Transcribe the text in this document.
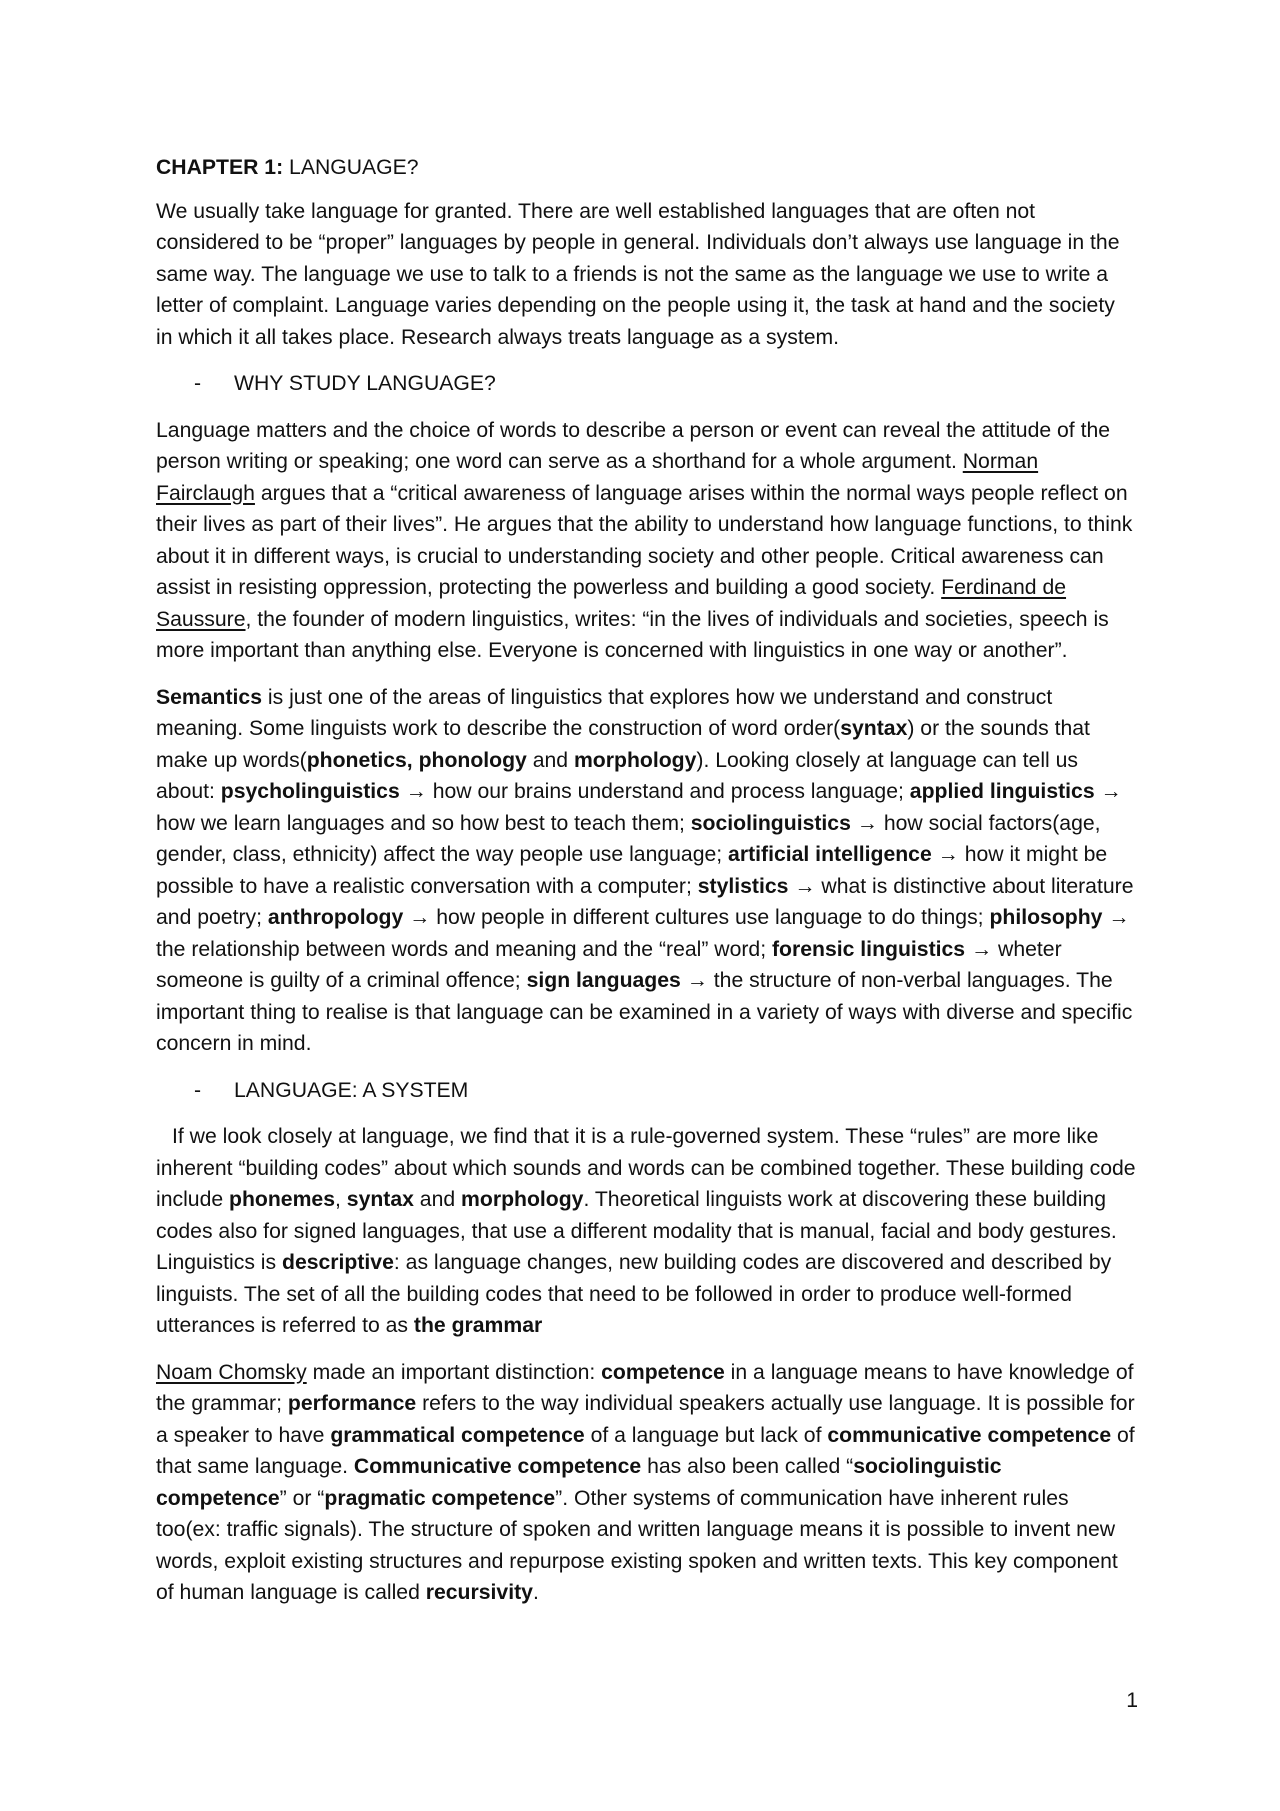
CHAPTER 1: LANGUAGE?

We usually take language for granted. There are well established languages that are often not considered to be “proper” languages by people in general. Individuals don’t always use language in the same way. The language we use to talk to a friends is not the same as the language we use to write a letter of complaint. Language varies depending on the people using it, the task at hand and the society in which it all takes place. Research always treats language as a system.

- WHY STUDY LANGUAGE?

Language matters and the choice of words to describe a person or event can reveal the attitude of the person writing or speaking; one word can serve as a shorthand for a whole argument. Norman Fairclaugh argues that a “critical awareness of language arises within the normal ways people reflect on their lives as part of their lives”. He argues that the ability to understand how language functions, to think about it in different ways, is crucial to understanding society and other people. Critical awareness can assist in resisting oppression, protecting the powerless and building a good society. Ferdinand de Saussure, the founder of modern linguistics, writes: “in the lives of individuals and societies, speech is more important than anything else. Everyone is concerned with linguistics in one way or another”.

Semantics is just one of the areas of linguistics that explores how we understand and construct meaning. Some linguists work to describe the construction of word order(syntax) or the sounds that make up words(phonetics, phonology and morphology). Looking closely at language can tell us about: psycholinguistics → how our brains understand and process language; applied linguistics → how we learn languages and so how best to teach them; sociolinguistics → how social factors(age, gender, class, ethnicity) affect the way people use language; artificial intelligence → how it might be possible to have a realistic conversation with a computer; stylistics → what is distinctive about literature and poetry; anthropology → how people in different cultures use language to do things; philosophy → the relationship between words and meaning and the “real” word; forensic linguistics → wheter someone is guilty of a criminal offence; sign languages → the structure of non-verbal languages. The important thing to realise is that language can be examined in a variety of ways with diverse and specific concern in mind.

- LANGUAGE: A SYSTEM

If we look closely at language, we find that it is a rule-governed system. These “rules” are more like inherent “building codes” about which sounds and words can be combined together. These building code include phonemes, syntax and morphology. Theoretical linguists work at discovering these building codes also for signed languages, that use a different modality that is manual, facial and body gestures. Linguistics is descriptive: as language changes, new building codes are discovered and described by linguists. The set of all the building codes that need to be followed in order to produce well-formed utterances is referred to as the grammar

Noam Chomsky made an important distinction: competence in a language means to have knowledge of the grammar; performance refers to the way individual speakers actually use language. It is possible for a speaker to have grammatical competence of a language but lack of communicative competence of that same language. Communicative competence has also been called “sociolinguistic competence” or “pragmatic competence”. Other systems of communication have inherent rules too(ex: traffic signals). The structure of spoken and written language means it is possible to invent new words, exploit existing structures and repurpose existing spoken and written texts. This key component of human language is called recursivity.

1
